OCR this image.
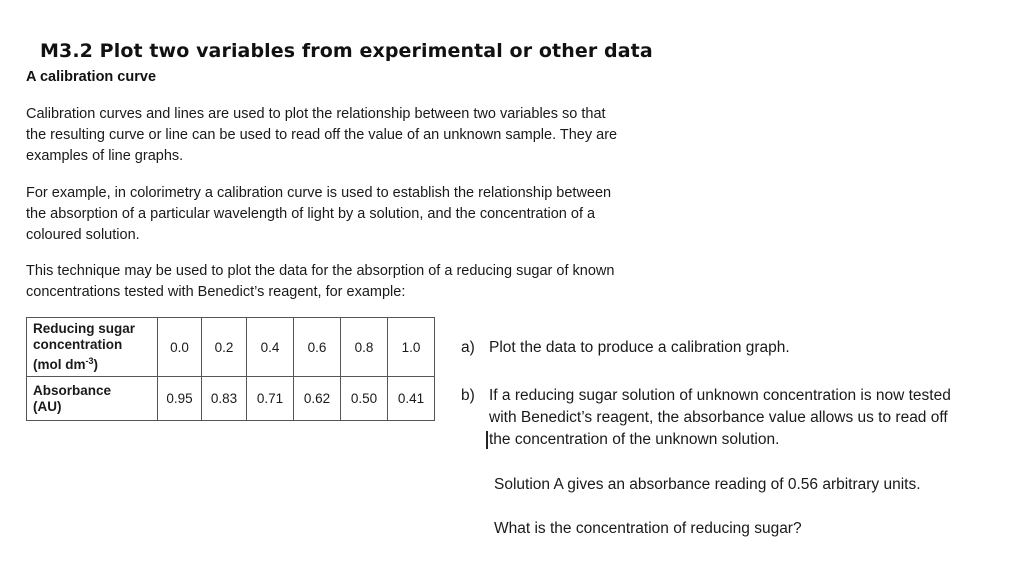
M3.2 Plot two variables from experimental or other data
A calibration curve

Calibration curves and lines are used to plot the relationship between two variables so that
the resulting curve or line can be used to read off the value of an unknown sample. They are
examples of line graphs.

For example, in colorimetry a calibration curve is used to establish the relationship between
the absorption of a particular wavelength of light by a solution, and the concentration of a
coloured solution.

This technique may be used to plot the data for the absorption of a reducing sugar of known
concentrations tested with Benedict’s reagent, for example:

Reducing sugar
concentration
(mol $dm^{-3}$)	0.0	0.2	0.4	0.6	0.8	1.0
Absorbance
(AU)	0.95	0.83	0.71	0.62	0.50	0.41
a) Plot the data to produce a calibration graph.
b) If a reducing sugar solution of unknown concentration is now tested
with Benedict’s reagent, the absorbance value allows us to read off
the concentration of the unknown solution.

Solution A gives an absorbance reading of 0.56 arbitrary units.

What is the concentration of reducing sugar?
